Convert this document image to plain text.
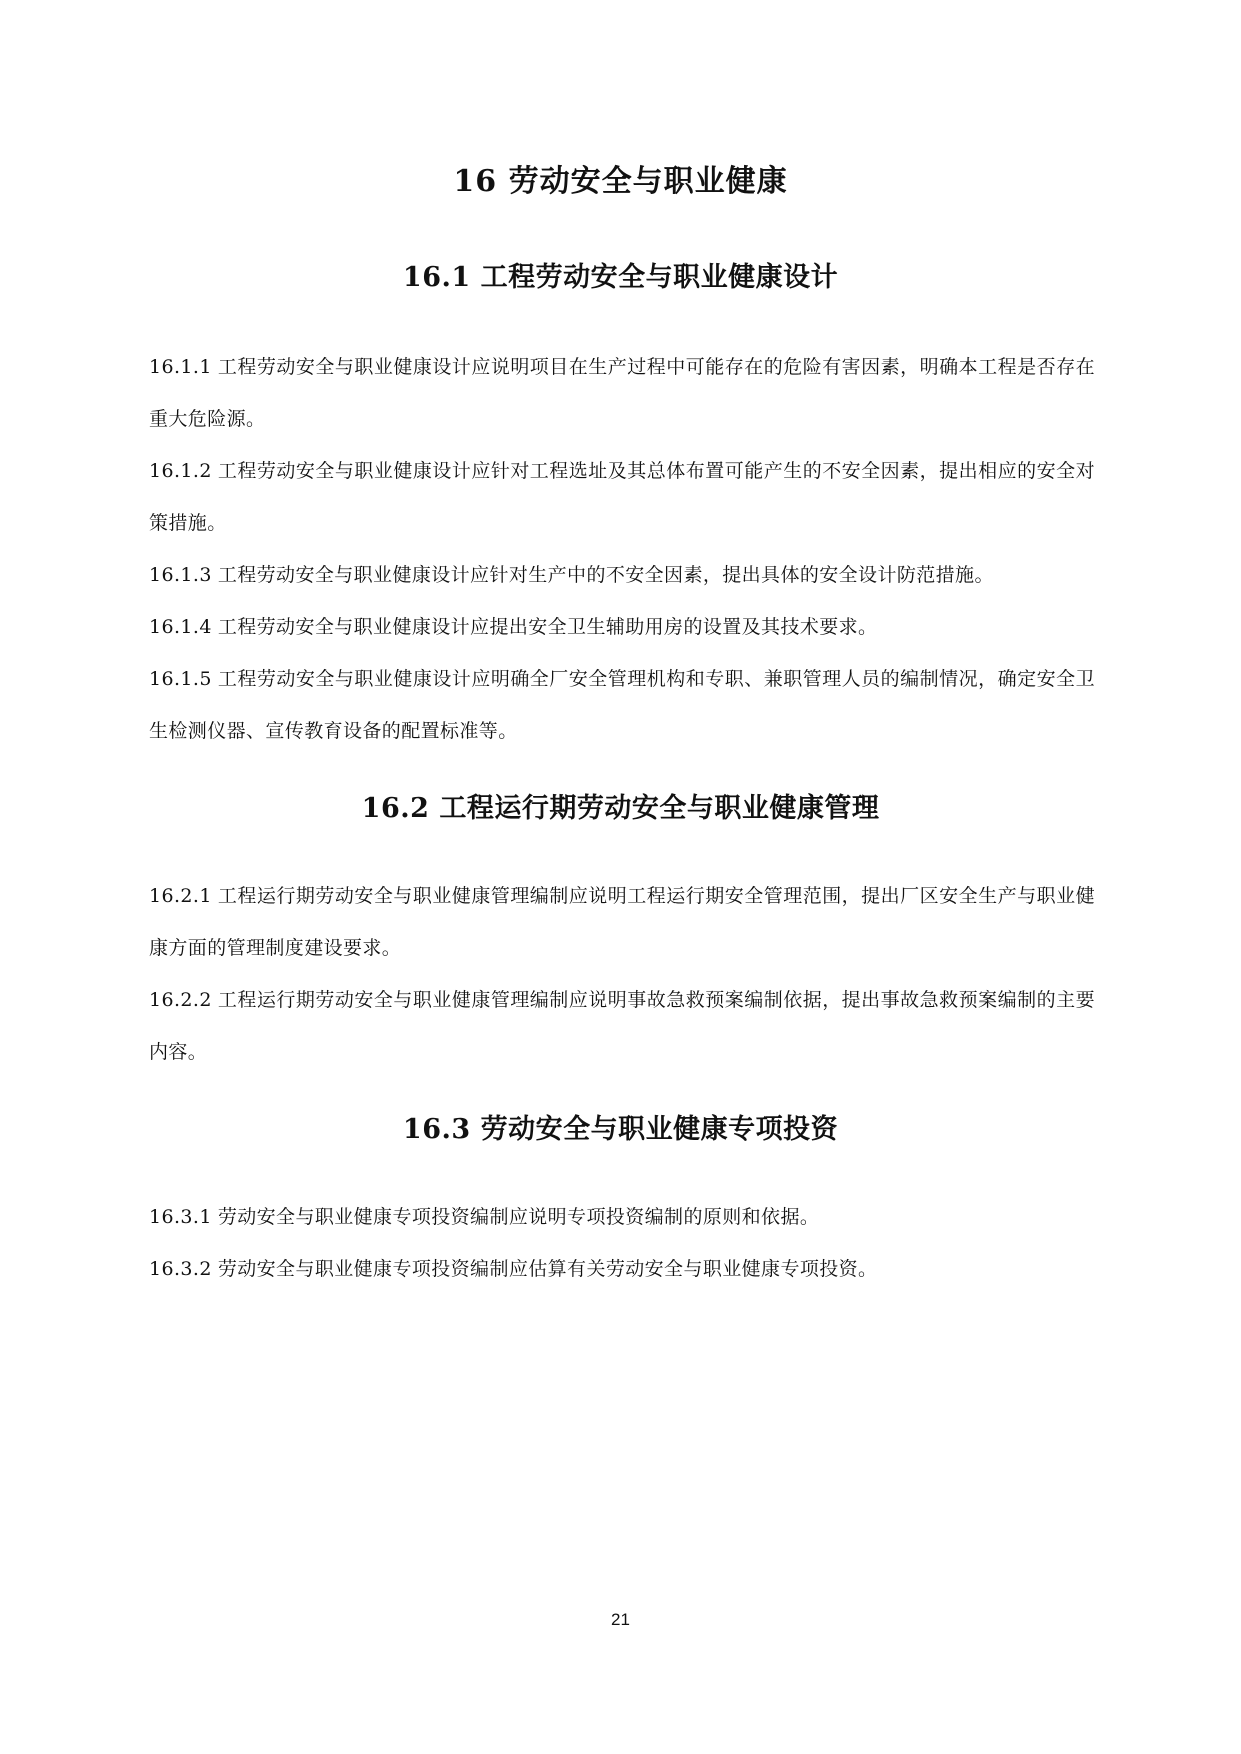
16 劳动安全与职业健康
16.1 工程劳动安全与职业健康设计

16.1.1 工程劳动安全与职业健康设计应说明项目在生产过程中可能存在的危险有害因素，明确本工程是否存在重大危险源。

16.1.2 工程劳动安全与职业健康设计应针对工程选址及其总体布置可能产生的不安全因素，提出相应的安全对策措施。

16.1.3 工程劳动安全与职业健康设计应针对生产中的不安全因素，提出具体的安全设计防范措施。

16.1.4 工程劳动安全与职业健康设计应提出安全卫生辅助用房的设置及其技术要求。

16.1.5 工程劳动安全与职业健康设计应明确全厂安全管理机构和专职、兼职管理人员的编制情况，确定安全卫生检测仪器、宣传教育设备的配置标准等。

16.2 工程运行期劳动安全与职业健康管理

16.2.1 工程运行期劳动安全与职业健康管理编制应说明工程运行期安全管理范围，提出厂区安全生产与职业健康方面的管理制度建设要求。

16.2.2 工程运行期劳动安全与职业健康管理编制应说明事故急救预案编制依据，提出事故急救预案编制的主要内容。

16.3 劳动安全与职业健康专项投资

16.3.1 劳动安全与职业健康专项投资编制应说明专项投资编制的原则和依据。

16.3.2 劳动安全与职业健康专项投资编制应估算有关劳动安全与职业健康专项投资。

21
